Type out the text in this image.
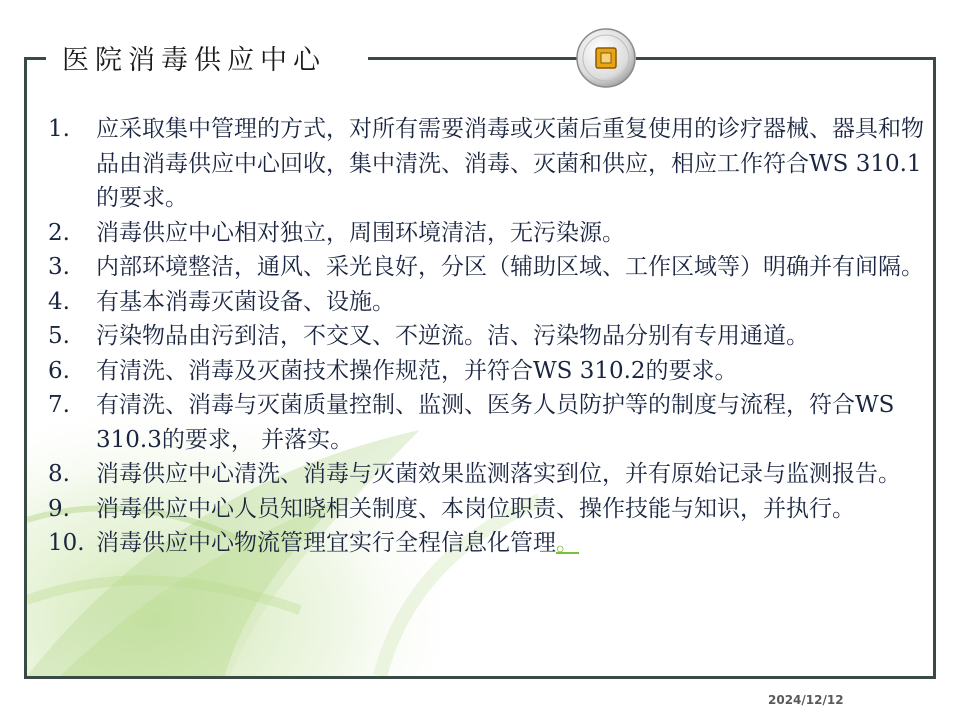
医院消毒供应中心
1.	应采取集中管理的方式，对所有需要消毒或灭菌后重复使用的诊疗器械、器具和物品由消毒供应中心回收，集中清洗、消毒、灭菌和供应，相应工作符合WS 310.1的要求。
2.	消毒供应中心相对独立，周围环境清洁，无污染源。
3.	内部环境整洁，通风、采光良好，分区（辅助区域、工作区域等）明确并有间隔。
4.	有基本消毒灭菌设备、设施。
5.	污染物品由污到洁，不交叉、不逆流。洁、污染物品分别有专用通道。
6.	有清洗、消毒及灭菌技术操作规范，并符合WS 310.2的要求。
7.	有清洗、消毒与灭菌质量控制、监测、医务人员防护等的制度与流程，符合WS 310.3的要求， 并落实。
8.	消毒供应中心清洗、消毒与灭菌效果监测落实到位，并有原始记录与监测报告。
9.	消毒供应中心人员知晓相关制度、本岗位职责、操作技能与知识，并执行。
10. 消毒供应中心物流管理宜实行全程信息化管理。
2024/12/12
